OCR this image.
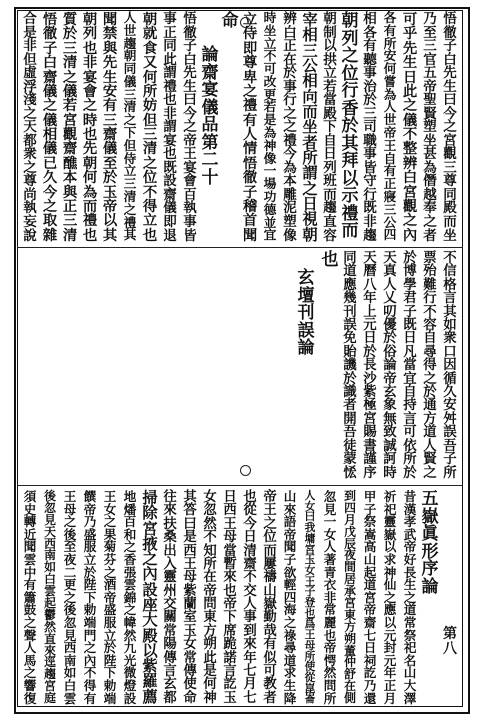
悟
徹
子
白
先
生
曰
今
之
宮
觀
三
尊
同
殿
而
坐
乃
至
三
官
五
帝
聖
賢
塑
坐
甚
為
僭
越
奉
之
者
可
乎
先
生
日
此
之
儀
不
整
辨
白
宮
觀
之
內
各
有
所
安
何
嘗
為
人
世
帝
王
自
有
正
寢
三
公
四
相
各
有
聽
事
治
於
三
司
職
事
皆
守
行
既
非
趨
朝
列
之
位
行
香
於
其
拜
以
示
禮
而
朝
制
以
拱
立
若
當
殿
下
自
日
列
班
而
趨
直
容
宰
相
三
公
相
向
而
坐
者
所
謂
之
日
視
朝
辨
白
正
在
於
事
行
之
之
禮
今
為
本
雕
泥
塑
像
時
坐
立
不
可
改
更
若
是
為
神
像
一
場
功
德
並
宜
立
侍
即
尊
卑
之
禮
有
人
情
悟
徹
子
稽
首
聞
命
論
齋
宴
儀
品
第
二
十
悟
徹
子
白
先
生
曰
今
之
帝
王
宴
會
百
執
事
皆
事
正
同
此
謂
禮
也
非
謂
宴
也
既
設
齋
儀
即
退
朝
就
食
又
何
所
妨
但
三
清
之
位
不
得
立
也
人
世
趨
朝
同
儀
三
清
之
下
但
侍
立
三
清
之
禮
其
聞
禁
與
先
生
安
有
三
齋
儀
至
於
玉
帝
以
其
朝
列
也
非
宴
會
之
時
也
先
朝
何
為
而
禮
也
質
於
三
清
之
儀
若
宮
觀
齋
醮
本
與
正
三
清
悟
徹
子
白
齋
儀
之
儀
相
儀
已
久
今
之
取
雜
合
是
非
但
虛
浮
淺
之
天
都
衆
之
尊
尚
執
妄
說
不
信
格
言
其
如
衆
口
因
循
久
安
舛
誤
吾
子
所
票
殆
難
行
不
容
自
尋
得
之
於
通
方
道
人
賢
之
於
博
學
君
子
既
日
凡
當
宜
自
持
言
可
依
所
於
天
真
人
乂
叨
優
於
俗
論
帝
玄
象
無
致
誠
訶
時
天
曆
八
年
上
元
日
於
長
沙
紫
極
宮
賜
書
謹
序
同
道
應
幾
刊
誤
免
貽
譏
於
識
者
開
吾
徒
蒙
恡
也
玄
壇
刊
誤
論
第
八
五
嶽
眞
形
序
論
昔
漢
孝
武
帝
好
長
生
之
道
常
祭
祀
名
山
大
澤
祈
祀
靈
嶽
以
求
神
仙
之
應
以
元
封
元
年
正
月
甲
子
祭
嵩
高
山
起
道
宮
帝
齋
七
日
祠
訖
乃
還
到
四
月
戊
辰
夜
間
居
承
宮
東
方
朔
董
仲
舒
在
側
忽
見
一
女
人
著
青
衣
非
常
麗
也
帝
愕
然
問
所
人
女
曰
我
墉
宮
玉
女
王
子
登
也
爲
王
母
所
使
從
崑
崙
山
來
語
帝
聞
子
欲
輕
四
海
之
祿
尋
道
求
生
降
帝
王
之
位
而
屢
禱
山
嶽
勤
哉
有
似
可
教
者
也
從
今
日
清
齋
不
交
人
事
到
來
年
七
月
七
日
西
王
母
當
暫
來
也
帝
下
席
跪
諾
言
訖
玉
女
忽
然
不
知
所
在
帝
問
東
方
朔
此
是
何
神
其
答
曰
是
西
王
母
紫
蘭
室
玉
女
常
傳
使
命
往
來
扶
桑
出
入
靈
州
交
關
常
陽
傳
言
玄
都
掃
除
宮
掖
之
內
設
座
大
殿
以
紫
羅
薦
地
燔
百
和
之
香
張
雲
錦
之
幃
然
九
光
微
燈
設
王
女
之
果
菊
芬
之
酒
帝
盛
服
立
於
陛
下
勅
端
饌
帝
乃
盛
服
立
於
陛
下
勅
端
門
之
內
不
得
有
王
母
之
後
至
夜
二
更
之
後
忽
見
西
南
如
白
雲
後
忽
見
天
西
南
如
白
雲
起
鬱
然
直
來
逕
趨
宮
庭
須
史
轉
近
聞
雲
中
有
簫
鼓
之
聲
人
馬
之
響
復
